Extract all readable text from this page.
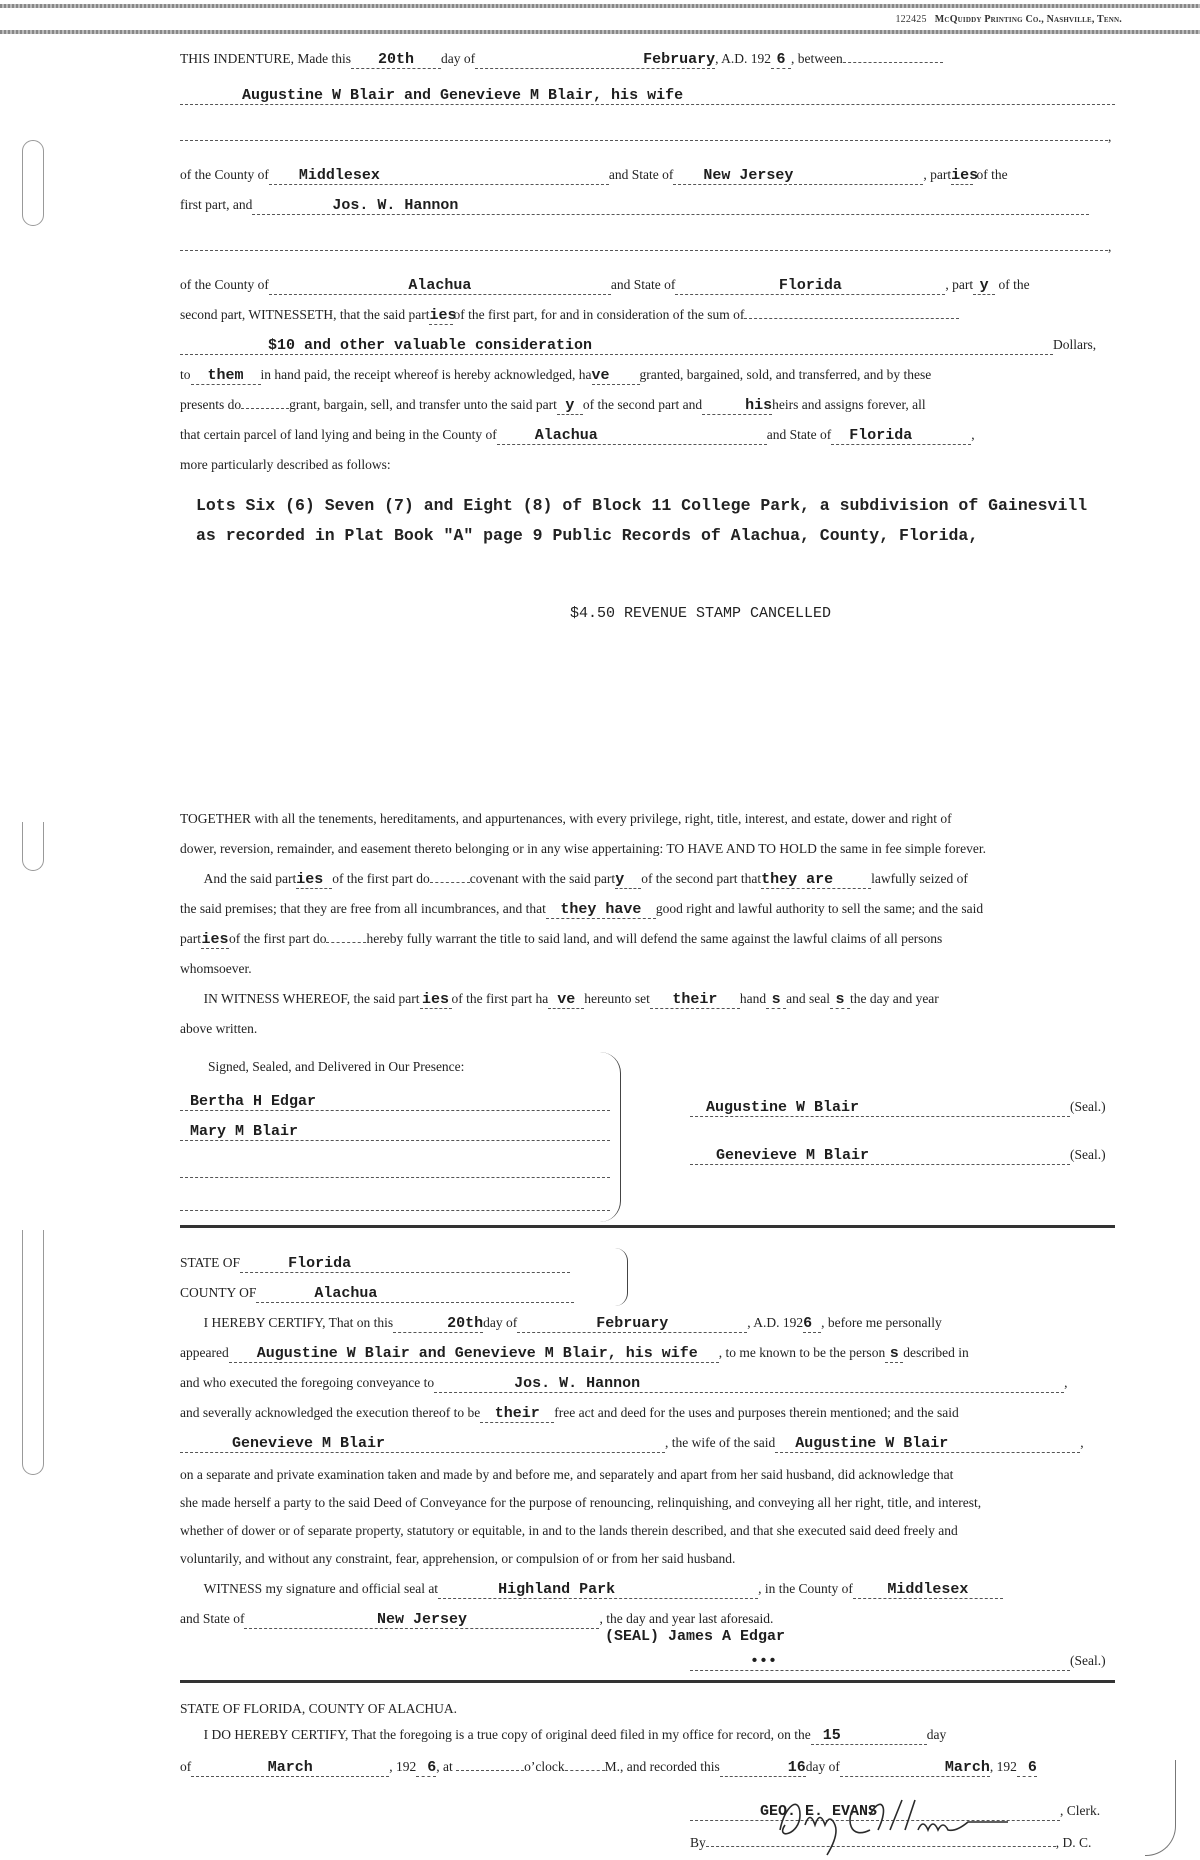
122425 McQuiddy Printing Co., Nashville, Tenn.
THIS INDENTURE, Made this 20th day of	February, A.D. 192 6 , between
Augustine W Blair and Genevieve M Blair, his wife
,
of the County of Middlesex	and State of New Jersey	, parties of the
first part, and	Jos. W. Hannon
,
of the County of	Alachua	and State of	Florida	, part y of the
second part, WITNESSETH, that the said partiesof the first part, for and in consideration of the sum of
$10 and other valuable consideration	Dollars,
to them in hand paid, the receipt whereof is hereby acknowledged, have granted, bargained, sold, and transferred, and by these
presents do	grant, bargain, sell, and transfer unto the said part y of the second part and	hisheirs and assigns forever, all
that certain parcel of land lying and being in the County of	Alachua	and State of Florida	,
more particularly described as follows:
Lots Six (6) Seven (7) and Eight (8) of Block 11 College Park, a subdivision of Gainesvill
as recorded in Plat Book "A" page 9 Public Records of Alachua, County, Florida,
$4.50 REVENUE STAMP CANCELLED
TOGETHER with all the tenements, hereditaments, and appurtenances, with every privilege, right, title, interest, and estate, dower and right of
dower, reversion, remainder, and easement thereto belonging or in any wise appertaining: TO HAVE AND TO HOLD the same in fee simple forever.
And the said parties of the first part do	covenant with the said party of the second part thatthey are	lawfully seized of
the said premises; that they are free from all incumbrances, and that they have good right and lawful authority to sell the same; and the said
partiesof the first part do	hereby fully warrant the title to said land, and will defend the same against the lawful claims of all persons
whomsoever.
IN WITNESS WHEREOF, the said part ies of the first part ha ve hereunto set their hand s and seal s the day and year
above written.
Signed, Sealed, and Delivered in Our Presence:
Bertha H Edgar
Mary M Blair
Augustine W Blair	(Seal.)
Genevieve M Blair	(Seal.)
STATE OF	Florida
COUNTY OF	Alachua
I HEREBY CERTIFY, That on this	20thday of	February	, A.D. 1926 , before me personally
appeared Augustine W Blair and Genevieve M Blair, his wife , to me known to be the person s described in
and who executed the foregoing conveyance to	Jos. W. Hannon	,
and severally acknowledged the execution thereof to be their free act and deed for the uses and purposes therein mentioned; and the said
Genevieve M Blair	, the wife of the said Augustine W Blair	,
on a separate and private examination taken and made by and before me, and separately and apart from her said husband, did acknowledge that
she made herself a party to the said Deed of Conveyance for the purpose of renouncing, relinquishing, and conveying all her right, title, and interest,
whether of dower or of separate property, statutory or equitable, in and to the lands therein described, and that she executed said deed freely and
voluntarily, and without any constraint, fear, apprehension, or compulsion of or from her said husband.
WITNESS my signature and official seal at	Highland Park	, in the County of Middlesex
and State of	New Jersey	, the day and year last aforesaid.
(SEAL) James A Edgar
•••	(Seal.)
STATE OF FLORIDA, COUNTY OF ALACHUA.
I DO HEREBY CERTIFY, That the foregoing is a true copy of original deed filed in my office for record, on the 15	day
of	March	, 192 6, at	o’clock	M., and recorded this	16day of	March, 192 6
GEO. E. EVANS	, Clerk.
By	, D. C.
